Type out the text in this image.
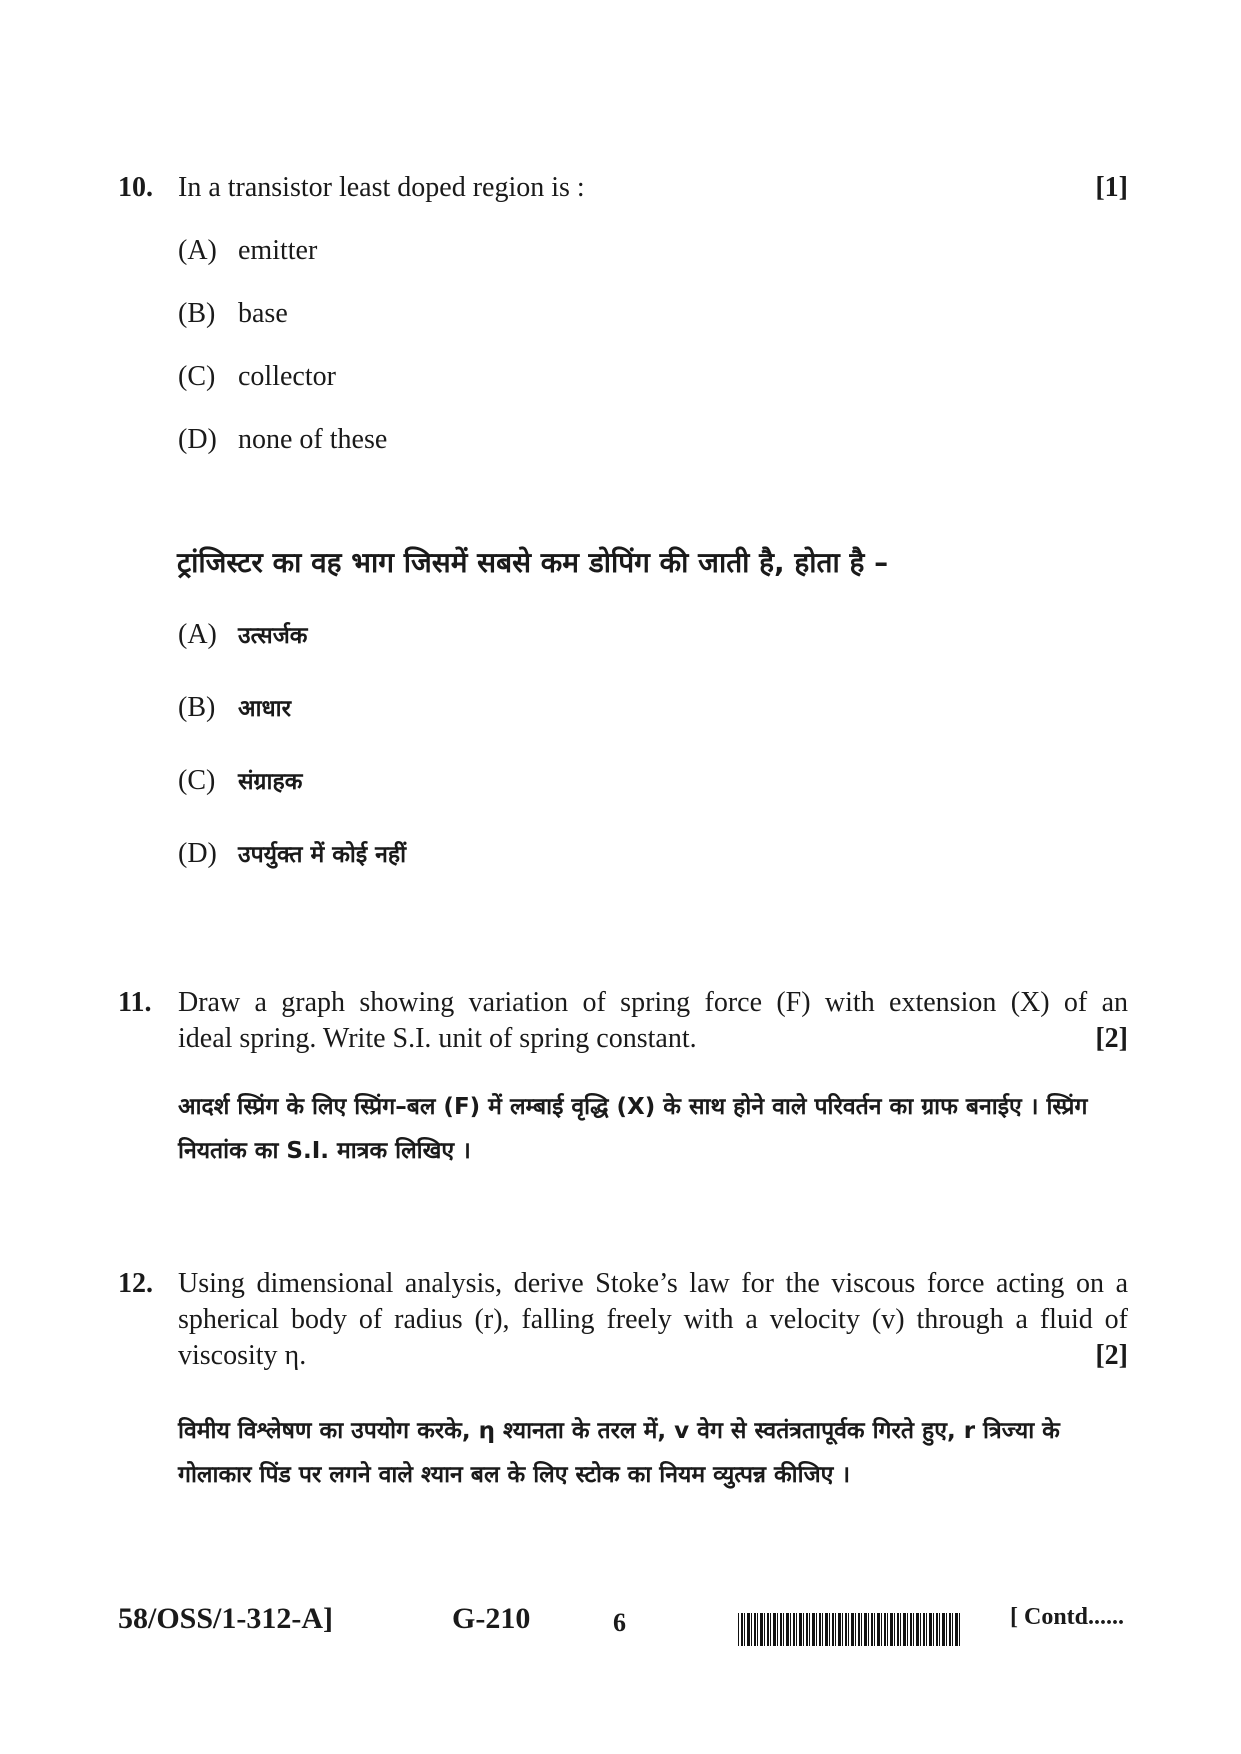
10. In a transistor least doped region is :	[1]
(A) emitter
(B) base
(C) collector
(D) none of these
ट्रांजिस्टर का वह भाग जिसमें सबसे कम डोपिंग की जाती है, होता है –
(A) उत्सर्जक
(B) आधार
(C) संग्राहक
(D) उपर्युक्त में कोई नहीं
11. Draw a graph showing variation of spring force (F) with extension (X) of an
ideal spring. Write S.I. unit of spring constant.	[2]
आदर्श स्प्रिंग के लिए स्प्रिंग–बल (F) में लम्बाई वृद्धि (X) के साथ होने वाले परिवर्तन का ग्राफ बनाईए । स्प्रिंग
नियतांक का S.I. मात्रक लिखिए ।
12. Using dimensional analysis, derive Stoke’s law for the viscous force acting on a
spherical body of radius (r), falling freely with a velocity (v) through a fluid of
viscosity η.	[2]
विमीय विश्लेषण का उपयोग करके, η श्यानता के तरल में, v वेग से स्वतंत्रतापूर्वक गिरते हुए, r त्रिज्या के
गोलाकार पिंड पर लगने वाले श्यान बल के लिए स्टोक का नियम व्युत्पन्न कीजिए ।
58/OSS/1-312-A]	G-210	6	[ Contd......
